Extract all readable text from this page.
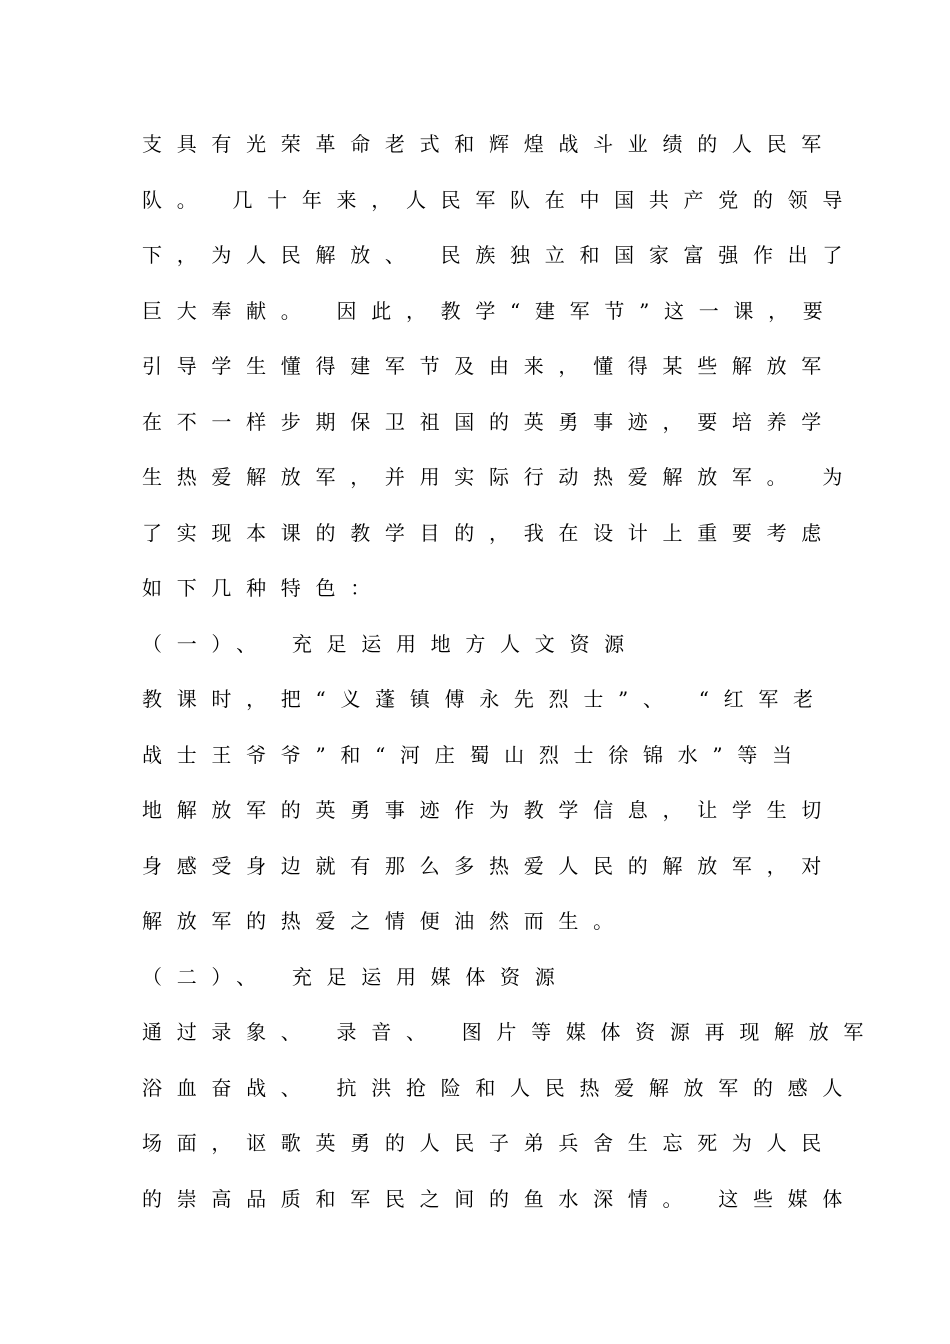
支具有光荣革命老式和辉煌战斗业绩的人民军
队。 几十年来，人民军队在中国共产党的领导
下，为人民解放、 民族独立和国家富强作出了
巨大奉献。 因此，教学“建军节”这一课，要
引导学生懂得建军节及由来，懂得某些解放军
在不一样步期保卫祖国的英勇事迹，要培养学
生热爱解放军，并用实际行动热爱解放军。 为
了实现本课的教学目的，我在设计上重要考虑
如下几种特色：
（一）、 充足运用地方人文资源
教课时，把“义蓬镇傅永先烈士”、 “红军老
战士王爷爷”和“河庄蜀山烈士徐锦水”等当
地解放军的英勇事迹作为教学信息，让学生切
身感受身边就有那么多热爱人民的解放军，对
解放军的热爱之情便油然而生。
（二）、 充足运用媒体资源
通过录象、 录音、 图片等媒体资源再现解放军
浴血奋战、 抗洪抢险和人民热爱解放军的感人
场面，讴歌英勇的人民子弟兵舍生忘死为人民
的崇高品质和军民之间的鱼水深情。 这些媒体
